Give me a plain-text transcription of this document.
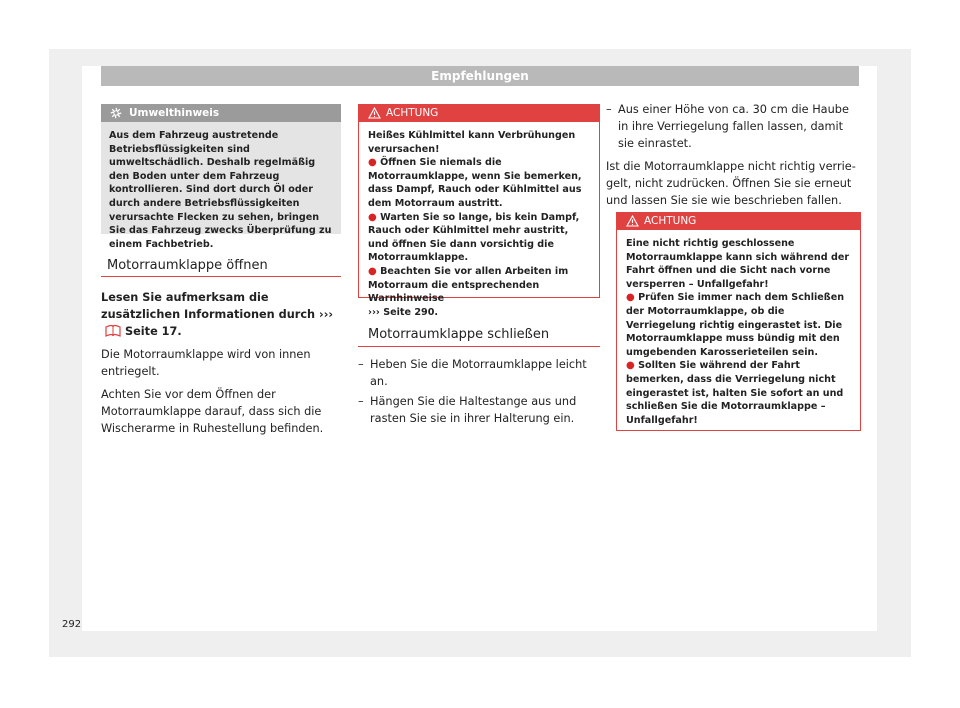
Empfehlungen
Umwelthinweis
Aus dem Fahrzeug austretende Betriebsflüssigkeiten sind umweltschädlich. Deshalb regelmäßig den Boden unter dem Fahrzeug kontrollieren. Sind dort durch Öl oder durch andere Betriebsflüssigkeiten verursachte Flecken zu sehen, bringen Sie das Fahrzeug zwecks Überprüfung zu einem Fachbetrieb.
Motorraumklappe öffnen

Lesen Sie aufmerksam die zusätzlichen Informationen durch ››› Seite 17.

Die Motorraumklappe wird von innen entriegelt.

Achten Sie vor dem Öffnen der Motorraumklappe darauf, dass sich die Wischerarme in Ruhestellung befinden.

ACHTUNG

Heißes Kühlmittel kann Verbrühungen verursachen!

● Öffnen Sie niemals die Motorraumklappe, wenn Sie bemerken, dass Dampf, Rauch oder Kühlmittel aus dem Motorraum austritt.

● Warten Sie so lange, bis kein Dampf, Rauch oder Kühlmittel mehr austritt, und öffnen Sie dann vorsichtig die Motorraumklappe.

● Beachten Sie vor allen Arbeiten im Motorraum die entsprechenden Warnhinweise
››› Seite 290.

Motorraumklappe schließen

– Heben Sie die Motorraumklappe leicht an.

– Hängen Sie die Haltestange aus und rasten Sie sie in ihrer Halterung ein.

– Aus einer Höhe von ca. 30 cm die Haube in ihre Verriegelung fallen lassen, damit sie einrastet.

Ist die Motorraumklappe nicht richtig verriegelt, nicht zudrücken. Öffnen Sie sie erneut und lassen Sie sie wie beschrieben fallen.

ACHTUNG

Eine nicht richtig geschlossene Motorraumklappe kann sich während der Fahrt öffnen und die Sicht nach vorne versperren – Unfallgefahr!

● Prüfen Sie immer nach dem Schließen der Motorraumklappe, ob die Verriegelung richtig eingerastet ist. Die Motorraumklappe muss bündig mit den umgebenden Karosserieteilen sein.

● Sollten Sie während der Fahrt bemerken, dass die Verriegelung nicht eingerastet ist, halten Sie sofort an und schließen Sie die Motorraumklappe – Unfallgefahr!

292
